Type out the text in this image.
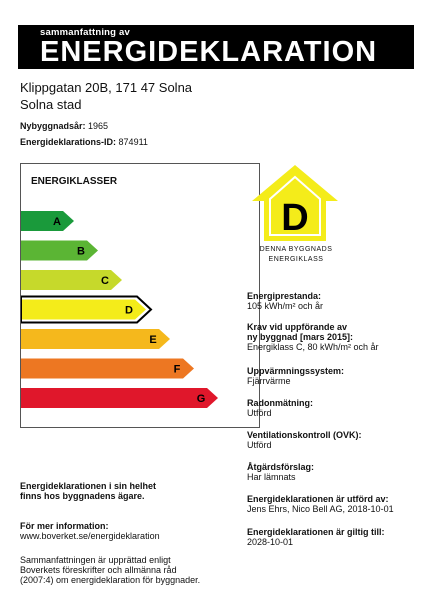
sammanfattning av
ENERGIDEKLARATION
Klippgatan 20B, 171 47 Solna
Solna stad
Nybyggnadsår: 1965
Energideklarations-ID: 874911
ENERGIKLASSER
A
B
C
D
E
F
G
D
DENNA BYGGNADS
ENERGIKLASS
Energiprestanda:
105 kWh/m² och år
Krav vid uppförande av
ny byggnad [mars 2015]:
Energiklass C, 80 kWh/m² och år
Uppvärmningssystem:
Fjärrvärme
Radonmätning:
Utförd
Ventilationskontroll (OVK):
Utförd
Åtgärdsförslag:
Har lämnats
Energideklarationen är utförd av:
Jens Ehrs, Nico Bell AG, 2018-10-01
Energideklarationen är giltig till:
2028-10-01
Energideklarationen i sin helhet
finns hos byggnadens ägare.
För mer information:
www.boverket.se/energideklaration
Sammanfattningen är upprättad enligt
Boverkets föreskrifter och allmänna råd
(2007:4) om energideklaration för byggnader.
